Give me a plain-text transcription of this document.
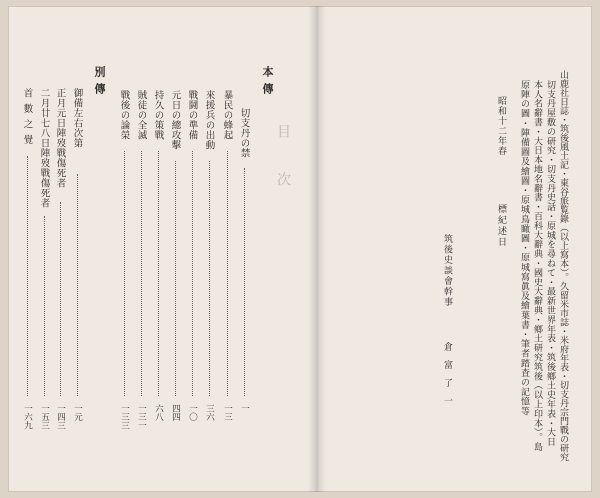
目次
本傳
切支丹の禁
一
暴民の蜂起
一三
來援兵の出動
三六
戰鬪の準備
一〇
元日の總攻擊
四四
持久の策戰
六八
賊徒の全滅
一三一
戰後の論榮
一三三
別傳
御備左右次第
一元
正月元日陣歿戰傷死者
一四三
二月廿七八日陣歿戰傷死者
一五三
首數之覺
一六九	山鹿社日誌・筑後風土記・東谷旅覧錄（以上寫本）。久留米市誌・米府年表・切支丹宗門戰の研究
切支丹屋敷の研究・切支丹史話・原城を尋ねて・最新世界年表・筑後鄉土史年表・大日
本人名辭書・大日本地名辭書・百科大辭典・國史大辭典・鄉土研究筑後（以上印本）。島
原陣の圖・陣備圖及繪圖・原城鳥瞰圖・原城寫眞及繪葉書・筆者踏査の記憶等
昭和十二年春
標紀述日
筑後史談會幹事
倉富了一
